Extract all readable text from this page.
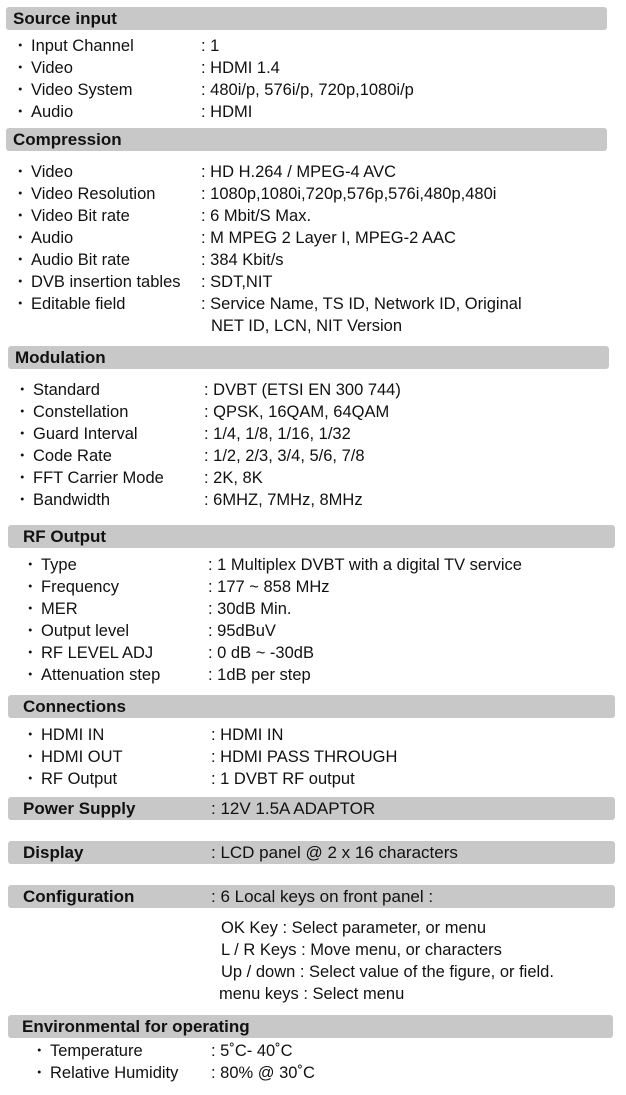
Source input
・ Input Channel	: 1
・ Video	: HDMI 1.4
・ Video System	: 480i/p, 576i/p, 720p,1080i/p
・ Audio	: HDMI
Compression
・ Video	: HD H.264 / MPEG-4 AVC
・ Video Resolution	: 1080p,1080i,720p,576p,576i,480p,480i
・ Video Bit rate	: 6 Mbit/S Max.
・ Audio	: M MPEG 2 Layer I, MPEG-2 AAC
・ Audio Bit rate	: 384 Kbit/s
・ DVB insertion tables : SDT,NIT
・ Editable field	: Service Name, TS ID, Network ID, Original
NET ID, LCN, NIT Version
Modulation
・ Standard	: DVBT (ETSI EN 300 744)
・ Constellation	: QPSK, 16QAM, 64QAM
・ Guard Interval	: 1/4, 1/8, 1/16, 1/32
・ Code Rate	: 1/2, 2/3, 3/4, 5/6, 7/8
・ FFT Carrier Mode : 2K, 8K
・ Bandwidth	: 6MHZ, 7MHz, 8MHz
RF Output
・ Type	: 1 Multiplex DVBT with a digital TV service
・ Frequency	: 177 ~ 858 MHz
・ MER	: 30dB Min.
・ Output level	: 95dBuV
・ RF LEVEL ADJ	: 0 dB ~ -30dB
・ Attenuation step	: 1dB per step
Connections
・ HDMI IN	: HDMI IN
・ HDMI OUT	: HDMI PASS THROUGH
・ RF Output	: 1 DVBT RF output
Power Supply	: 12V 1.5A ADAPTOR
Display	: LCD panel @ 2 x 16 characters
Configuration	: 6 Local keys on front panel :
OK Key : Select parameter, or menu
L / R Keys : Move menu, or characters
Up / down : Select value of the figure, or field.
menu keys : Select menu
Environmental for operating
・ Temperature	: 5˚C- 40˚C
・ Relative Humidity : 80% @ 30˚C
